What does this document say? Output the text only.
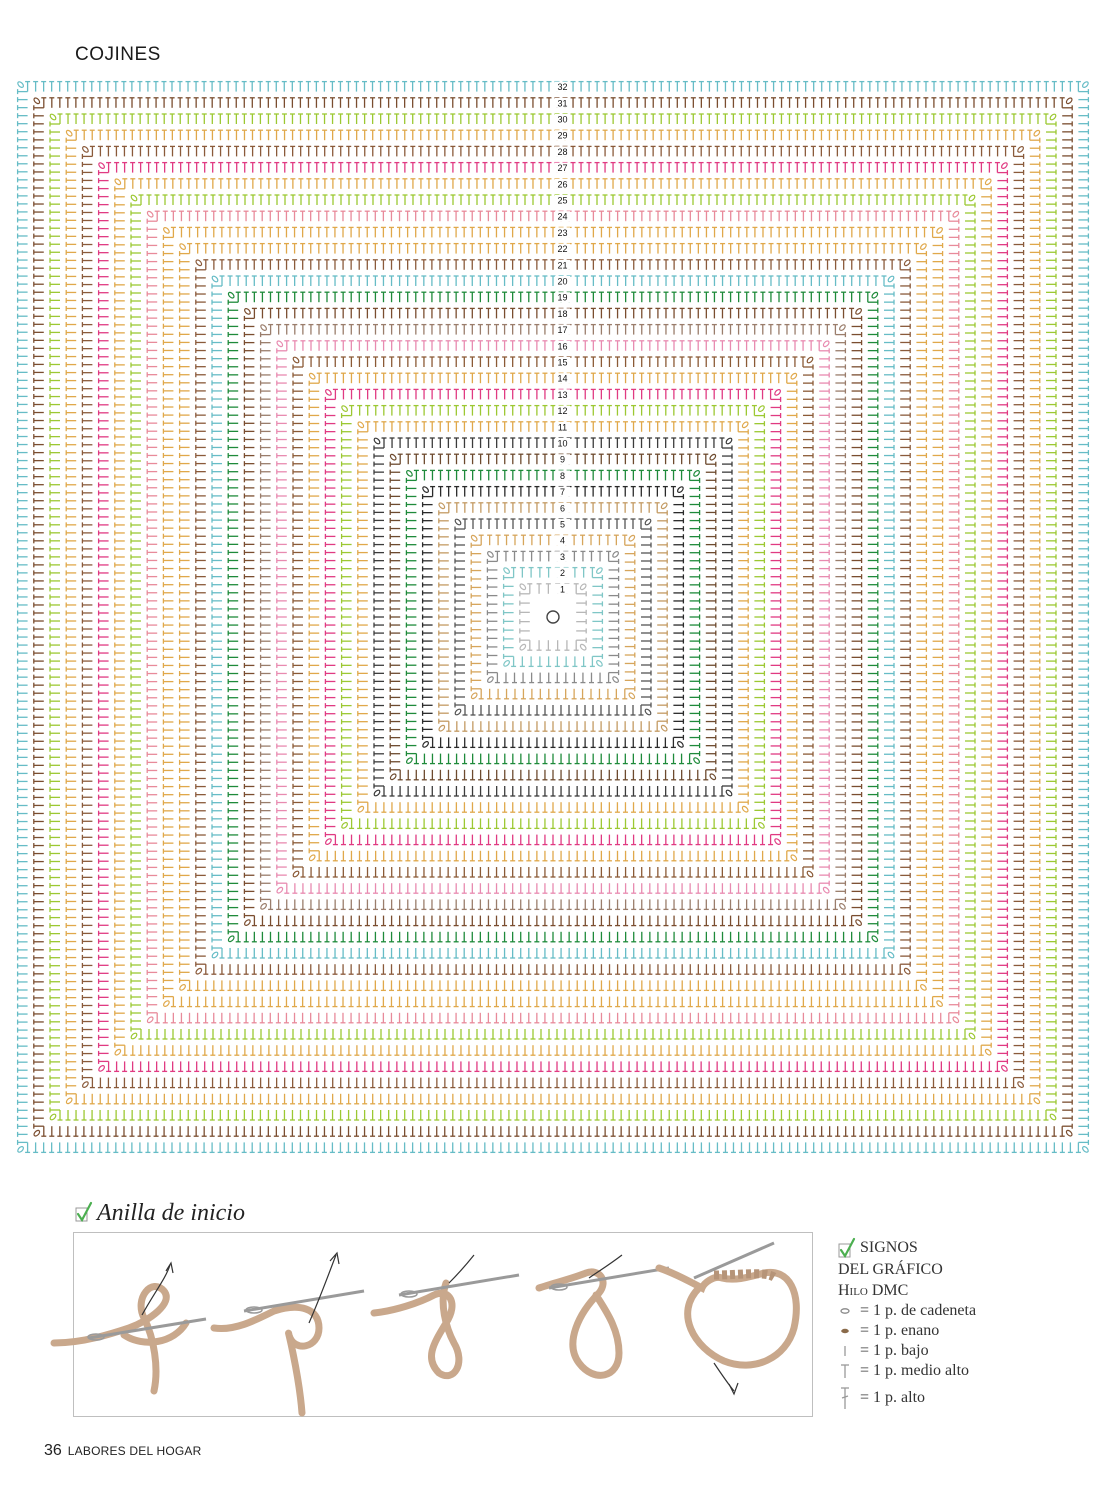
COJINES
1
2
3
4
5
6
7
8
9
10
11
12
13
14
15
16
17
18
19
20
21
22
23
24
25
26
27
28
29
30
31
32
Anilla de inicio
SIGNOS
DEL GRÁFICO
Hilo DMC
= 1 p. de cadeneta
= 1 p. enano
= 1 p. bajo
= 1 p. medio alto
= 1 p. alto
36 LABORES DEL HOGAR
